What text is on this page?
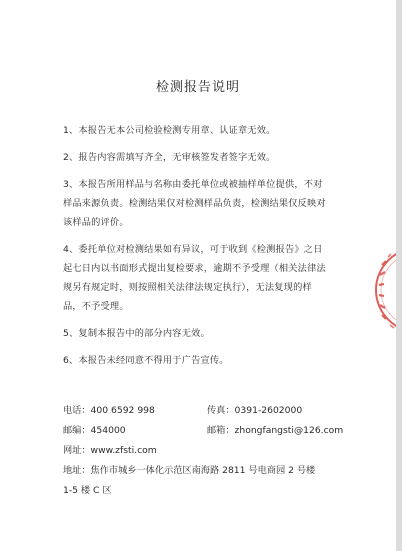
检测报告说明
1、本报告无本公司检验检测专用章、认证章无效。
2、报告内容需填写齐全，无审核签发者签字无效。
3、本报告所用样品与名称由委托单位或被抽样单位提供，不对
样品来源负责。检测结果仅对检测样品负责，检测结果仅反映对
该样品的评价。
4、委托单位对检测结果如有异议，可于收到《检测报告》之日
起七日内以书面形式提出复检要求，逾期不予受理（相关法律法
规另有规定时，则按照相关法律法规定执行），无法复现的样
品，不予受理。
5、复制本报告中的部分内容无效。
6、本报告未经同意不得用于广告宣传。
电话：400 6592 998	传真：0391-2602000
邮编：454000	邮箱：zhongfangsti@126.com
网址：www.zfsti.com
地址：焦作市城乡一体化示范区南海路 2811 号电商园 2 号楼
1-5 楼 C 区
